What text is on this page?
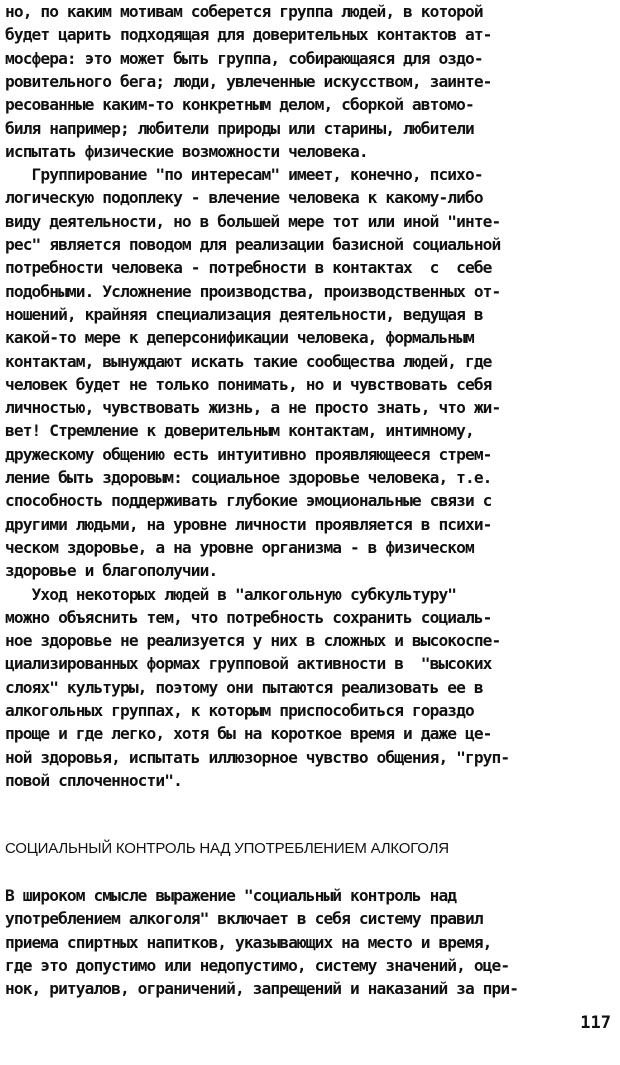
но, по каким мотивам соберется группа людей, в которой
будет царить подходящая для доверительных контактов ат-
мосфера: это может быть группа, собирающаяся для оздо-
ровительного бега; люди, увлеченные искусством, заинте-
ресованные каким-то конкретным делом, сборкой автомо-
биля например; любители природы или старины, любители
испытать физические возможности человека.
Группирование "по интересам" имеет, конечно, психо-
логическую подоплеку - влечение человека к какому-либо
виду деятельности, но в большей мере тот или иной "инте-
рес" является поводом для реализации базисной социальной
потребности человека - потребности в контактах  с  себе
подобными. Усложнение производства, производственных от-
ношений, крайняя специализация деятельности, ведущая в
какой-то мере к деперсонификации человека, формальным
контактам, вынуждают искать такие сообщества людей, где
человек будет не только понимать, но и чувствовать себя
личностью, чувствовать жизнь, а не просто знать, что жи-
вет! Стремление к доверительным контактам, интимному,
дружескому общению есть интуитивно проявляющееся стрем-
ление быть здоровым: социальное здоровье человека, т.е.
способность поддерживать глубокие эмоциональные связи с
другими людьми, на уровне личности проявляется в психи-
ческом здоровье, а на уровне организма - в физическом
здоровье и благополучии.
Уход некоторых людей в "алкогольную субкультуру"
можно объяснить тем, что потребность сохранить социаль-
ное здоровье не реализуется у них в сложных и высокоспе-
циализированных формах групповой активности в  "высоких
слоях" культуры, поэтому они пытаются реализовать ее в
алкогольных группах, к которым приспособиться гораздо
проще и где легко, хотя бы на короткое время и даже це-
ной здоровья, испытать иллюзорное чувство общения, "груп-
повой сплоченности".
СОЦИАЛЬНЫЙ КОНТРОЛЬ НАД УПОТРЕБЛЕНИЕМ АЛКОГОЛЯ
В широком смысле выражение "социальный контроль над
употреблением алкоголя" включает в себя систему правил
приема спиртных напитков, указывающих на место и время,
где это допустимо или недопустимо, систему значений, оце-
нок, ритуалов, ограничений, запрещений и наказаний за при-
117
